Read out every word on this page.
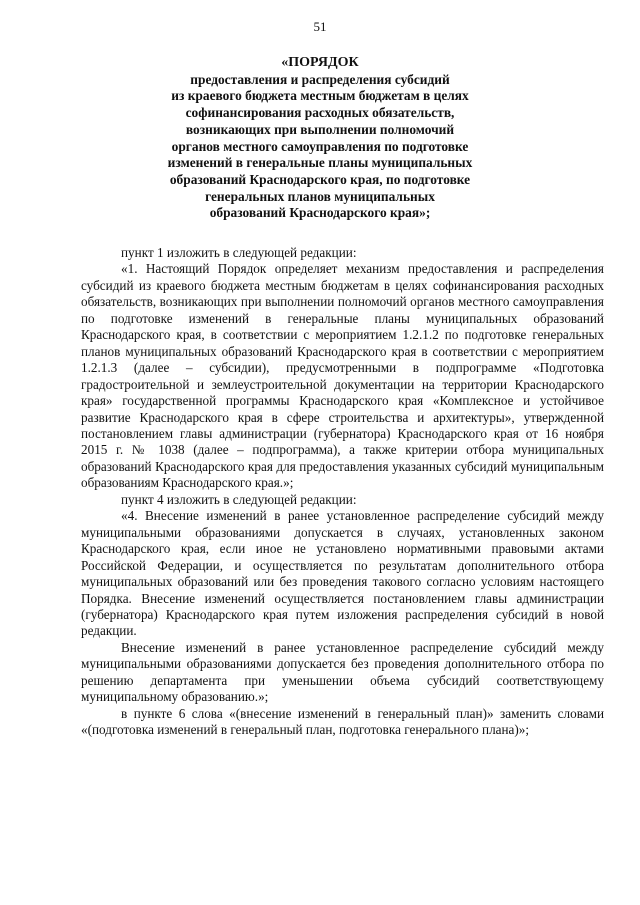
51
«ПОРЯДОК
предоставления и распределения субсидий
из краевого бюджета местным бюджетам в целях
софинансирования расходных обязательств,
возникающих при выполнении полномочий
органов местного самоуправления по подготовке
изменений в генеральные планы муниципальных
образований Краснодарского края, по подготовке
генеральных планов муниципальных
образований Краснодарского края»;

пункт 1 изложить в следующей редакции:

«1. Настоящий Порядок определяет механизм предоставления и распределения субсидий из краевого бюджета местным бюджетам в целях софинансирования расходных обязательств, возникающих при выполнении полномочий органов местного самоуправления по подготовке изменений в генеральные планы муниципальных образований Краснодарского края, в соответствии с мероприятием 1.2.1.2 по подготовке генеральных планов муниципальных образований Краснодарского края в соответствии с мероприятием 1.2.1.3 (далее – субсидии), предусмотренными в подпрограмме «Подготовка градостроительной и землеустроительной документации на территории Краснодарского края» государственной программы Краснодарского края «Комплексное и устойчивое развитие Краснодарского края в сфере строительства и архитектуры», утвержденной постановлением главы администрации (губернатора) Краснодарского края от 16 ноября 2015 г. № 1038 (далее – подпрограмма), а также критерии отбора муниципальных образований Краснодарского края для предоставления указанных субсидий муниципальным образованиям Краснодарского края.»;

пункт 4 изложить в следующей редакции:

«4. Внесение изменений в ранее установленное распределение субсидий между муниципальными образованиями допускается в случаях, установленных законом Краснодарского края, если иное не установлено нормативными правовыми актами Российской Федерации, и осуществляется по результатам дополнительного отбора муниципальных образований или без проведения такового согласно условиям настоящего Порядка. Внесение изменений осуществляется постановлением главы администрации (губернатора) Краснодарского края путем изложения распределения субсидий в новой редакции.

Внесение изменений в ранее установленное распределение субсидий между муниципальными образованиями допускается без проведения дополнительного отбора по решению департамента при уменьшении объема субсидий соответствующему муниципальному образованию.»;

в пункте 6 слова «(внесение изменений в генеральный план)» заменить словами «(подготовка изменений в генеральный план, подготовка генерального плана)»;
